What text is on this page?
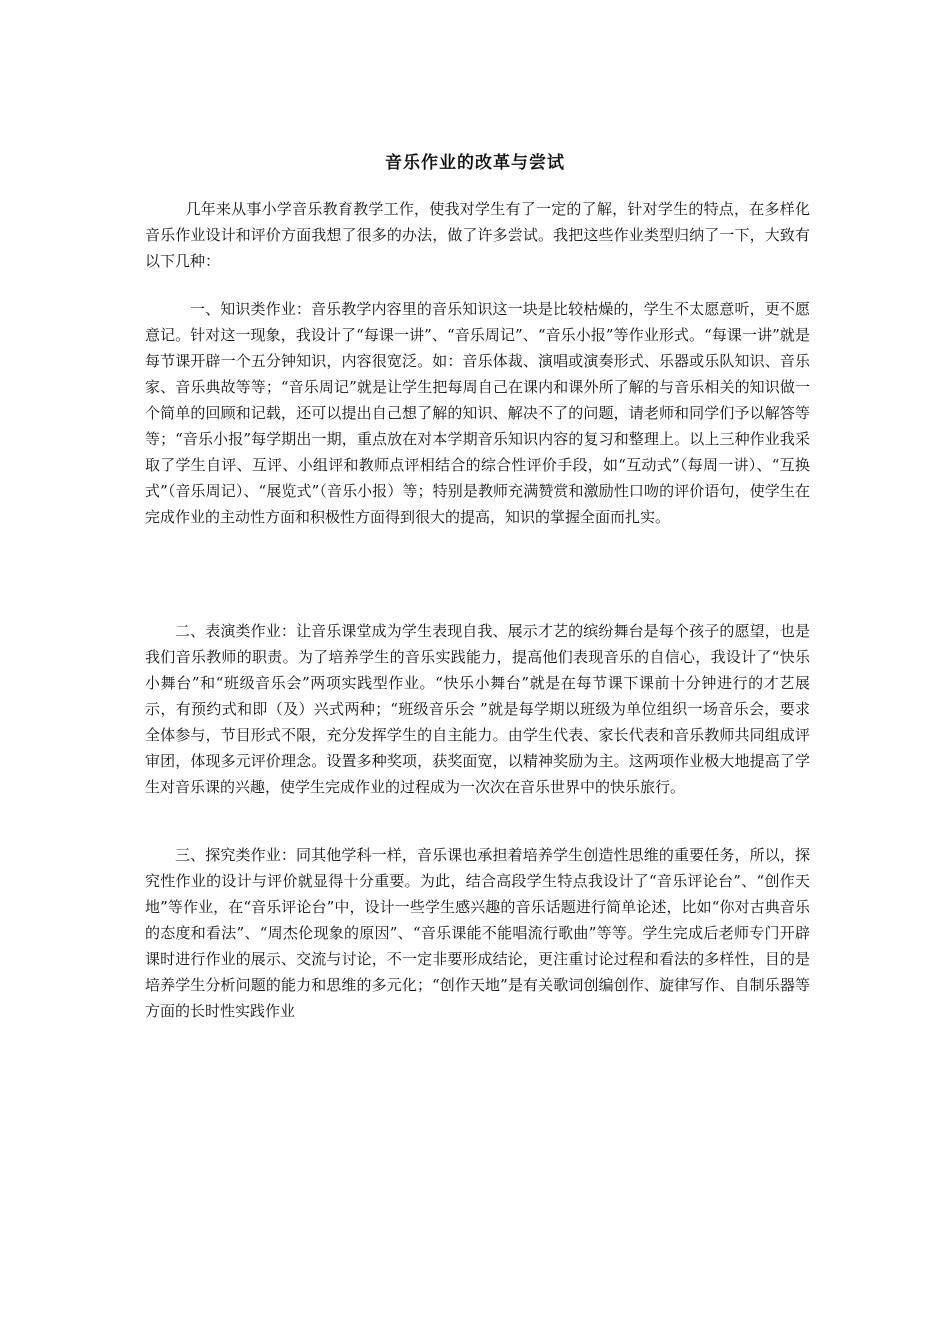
音乐作业的改革与尝试

几年来从事小学音乐教育教学工作，使我对学生有了一定的了解，针对学生的特点，在多样化音乐作业设计和评价方面我想了很多的办法，做了许多尝试。我把这些作业类型归纳了一下，大致有以下几种：

一、知识类作业：音乐教学内容里的音乐知识这一块是比较枯燥的，学生不太愿意听，更不愿意记。针对这一现象，我设计了“每课一讲”、“音乐周记”、“音乐小报”等作业形式。“每课一讲”就是每节课开辟一个五分钟知识，内容很宽泛。如：音乐体裁、演唱或演奏形式、乐器或乐队知识、音乐家、音乐典故等等；“音乐周记”就是让学生把每周自己在课内和课外所了解的与音乐相关的知识做一个简单的回顾和记载，还可以提出自己想了解的知识、解决不了的问题，请老师和同学们予以解答等等；“音乐小报”每学期出一期，重点放在对本学期音乐知识内容的复习和整理上。以上三种作业我采取了学生自评、互评、小组评和教师点评相结合的综合性评价手段，如“互动式”（每周一讲）、“互换式”（音乐周记）、“展览式”（音乐小报）等；特别是教师充满赞赏和激励性口吻的评价语句，使学生在完成作业的主动性方面和积极性方面得到很大的提高，知识的掌握全面而扎实。

二、表演类作业：让音乐课堂成为学生表现自我、展示才艺的缤纷舞台是每个孩子的愿望，也是我们音乐教师的职责。为了培养学生的音乐实践能力，提高他们表现音乐的自信心，我设计了“快乐小舞台”和“班级音乐会”两项实践型作业。“快乐小舞台”就是在每节课下课前十分钟进行的才艺展示，有预约式和即（及）兴式两种；“班级音乐会 ”就是每学期以班级为单位组织一场音乐会，要求全体参与，节目形式不限，充分发挥学生的自主能力。由学生代表、家长代表和音乐教师共同组成评审团，体现多元评价理念。设置多种奖项，获奖面宽，以精神奖励为主。这两项作业极大地提高了学生对音乐课的兴趣，使学生完成作业的过程成为一次次在音乐世界中的快乐旅行。

三、探究类作业：同其他学科一样，音乐课也承担着培养学生创造性思维的重要任务，所以，探究性作业的设计与评价就显得十分重要。为此，结合高段学生特点我设计了“音乐评论台”、“创作天地”等作业，在“音乐评论台”中，设计一些学生感兴趣的音乐话题进行简单论述，比如“你对古典音乐的态度和看法”、“周杰伦现象的原因”、“音乐课能不能唱流行歌曲”等等。学生完成后老师专门开辟课时进行作业的展示、交流与讨论，不一定非要形成结论，更注重讨论过程和看法的多样性，目的是培养学生分析问题的能力和思维的多元化；“创作天地”是有关歌词创编创作、旋律写作、自制乐器等方面的长时性实践作业
